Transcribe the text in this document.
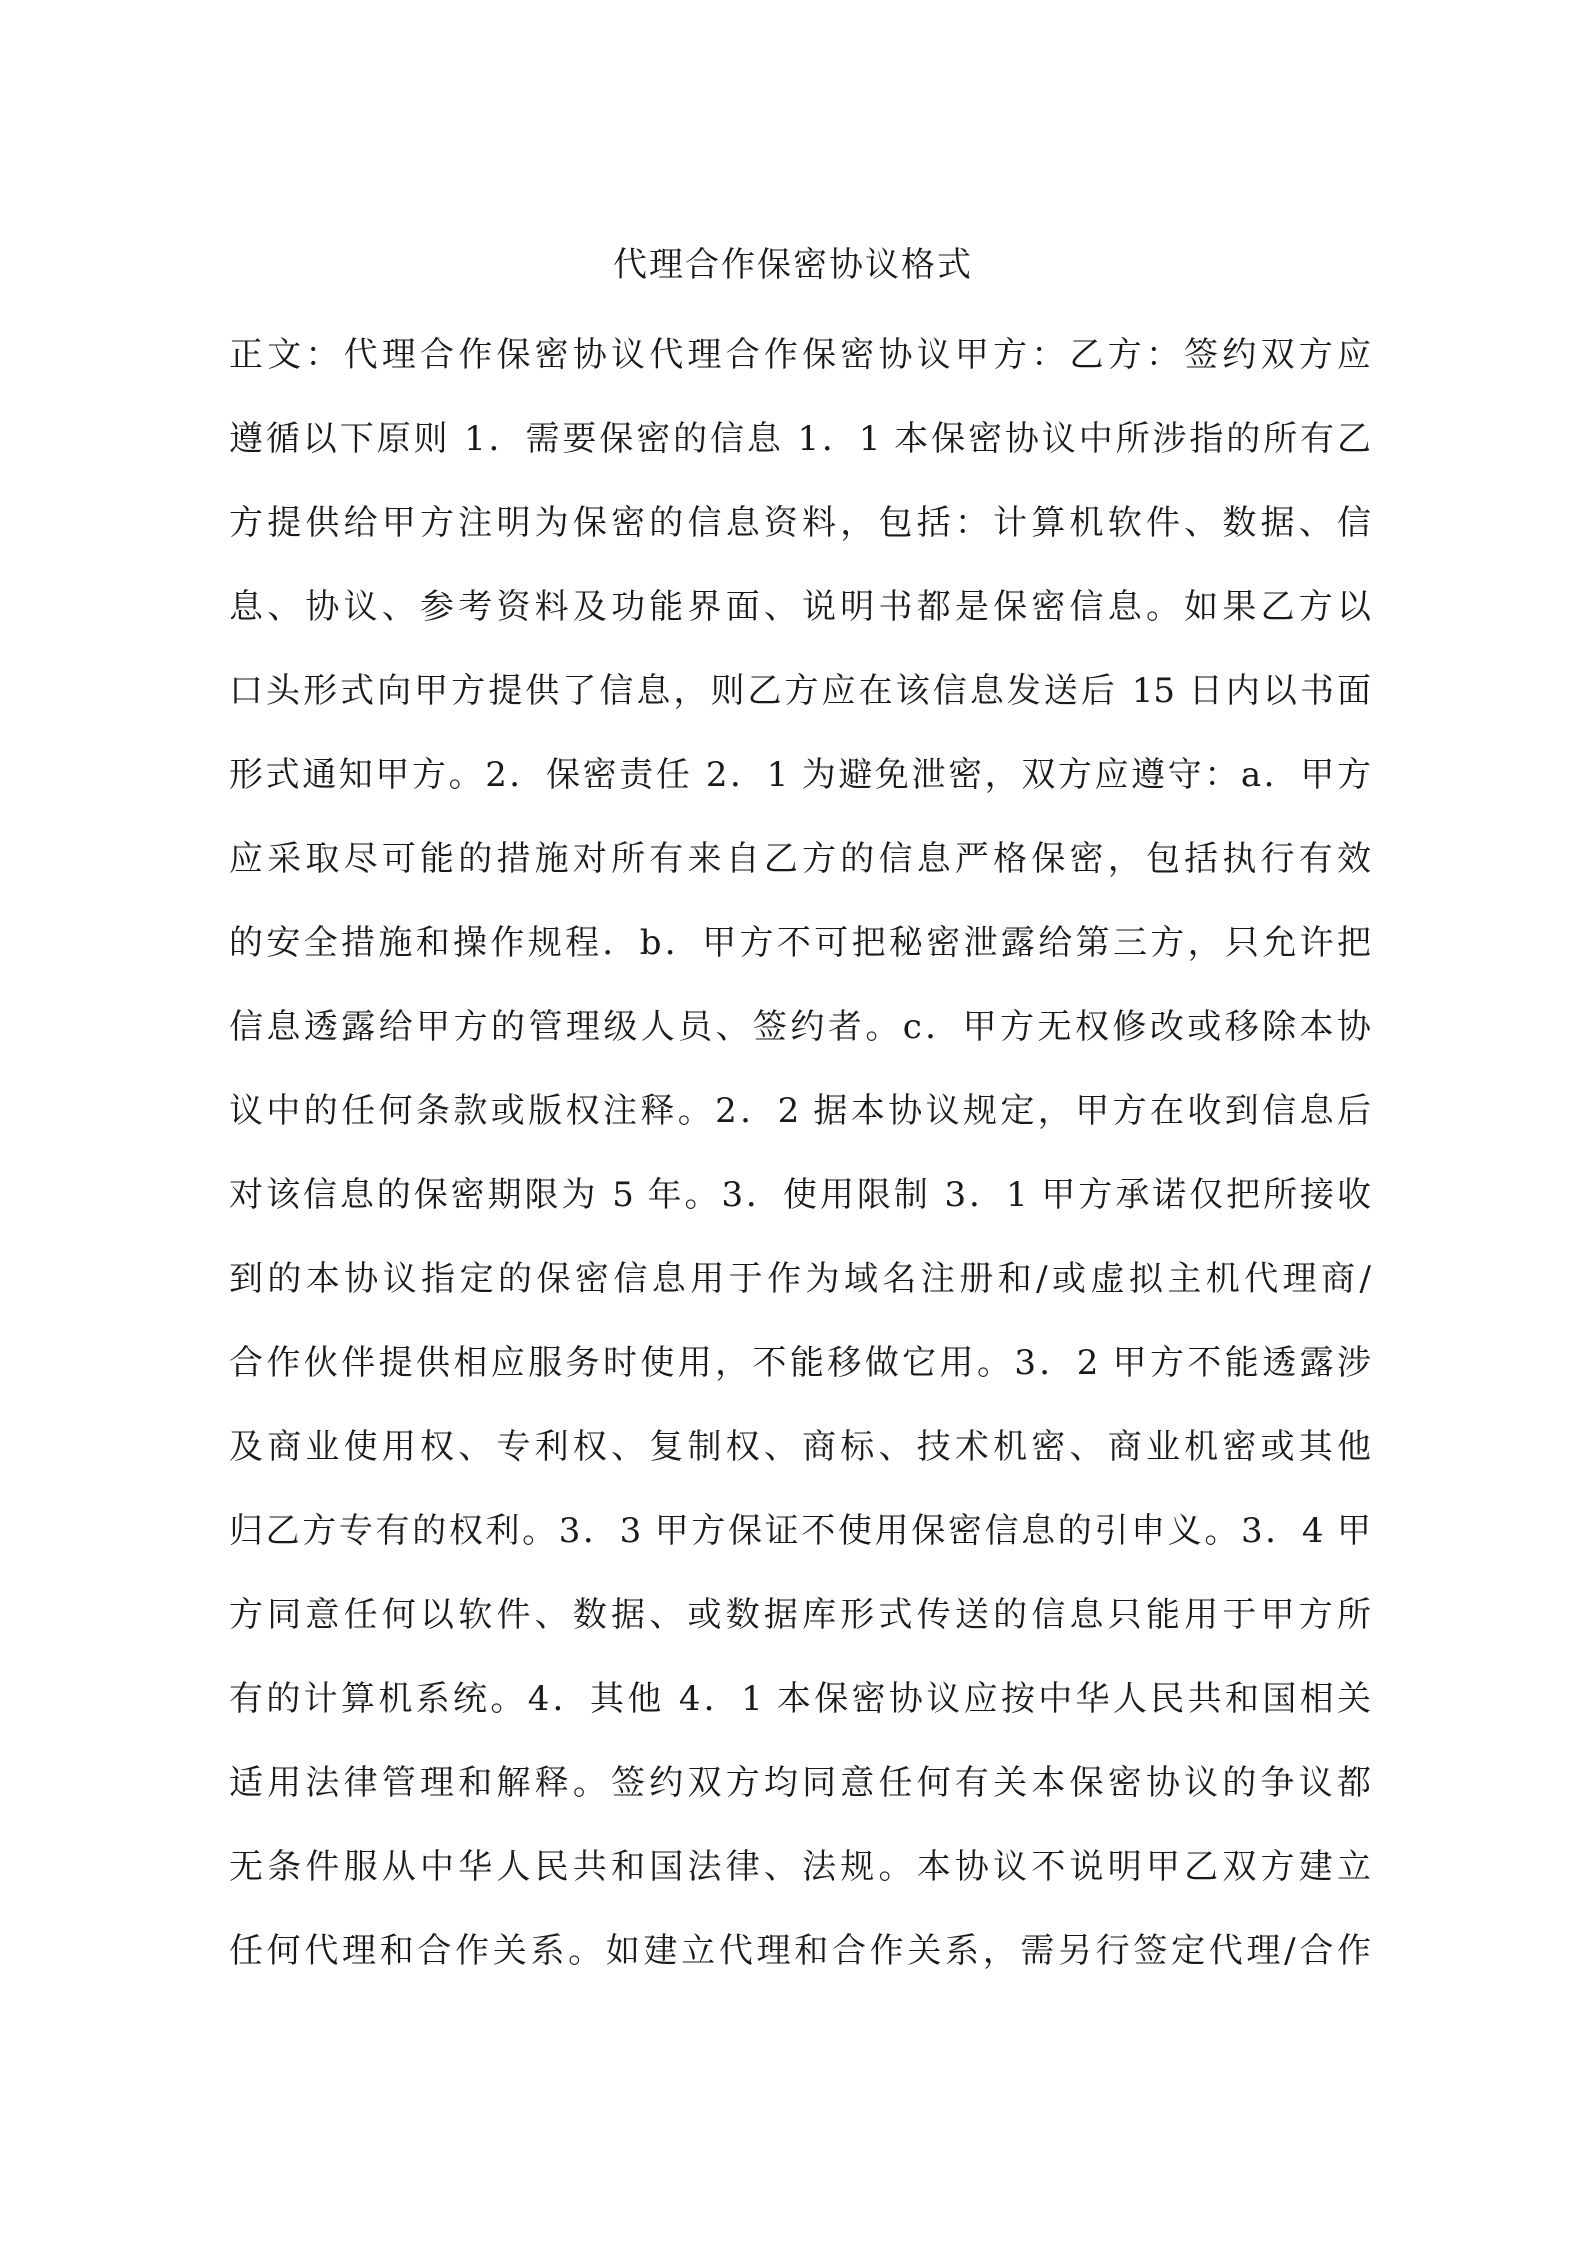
代理合作保密协议格式
正文：代理合作保密协议代理合作保密协议甲方：乙方：签约双方应
遵循以下原则 1．需要保密的信息 1．1 本保密协议中所涉指的所有乙
方提供给甲方注明为保密的信息资料，包括：计算机软件、数据、信
息、协议、参考资料及功能界面、说明书都是保密信息。如果乙方以
口头形式向甲方提供了信息，则乙方应在该信息发送后 15 日内以书面
形式通知甲方。2．保密责任 2．1 为避免泄密，双方应遵守：a．甲方
应采取尽可能的措施对所有来自乙方的信息严格保密，包括执行有效
的安全措施和操作规程．b．甲方不可把秘密泄露给第三方，只允许把
信息透露给甲方的管理级人员、签约者。c．甲方无权修改或移除本协
议中的任何条款或版权注释。2．2 据本协议规定，甲方在收到信息后
对该信息的保密期限为 5 年。3．使用限制 3．1 甲方承诺仅把所接收
到的本协议指定的保密信息用于作为域名注册和/或虚拟主机代理商/
合作伙伴提供相应服务时使用，不能移做它用。3．2 甲方不能透露涉
及商业使用权、专利权、复制权、商标、技术机密、商业机密或其他
归乙方专有的权利。3．3 甲方保证不使用保密信息的引申义。3．4 甲
方同意任何以软件、数据、或数据库形式传送的信息只能用于甲方所
有的计算机系统。4．其他 4．1 本保密协议应按中华人民共和国相关
适用法律管理和解释。签约双方均同意任何有关本保密协议的争议都
无条件服从中华人民共和国法律、法规。本协议不说明甲乙双方建立
任何代理和合作关系。如建立代理和合作关系，需另行签定代理/合作
